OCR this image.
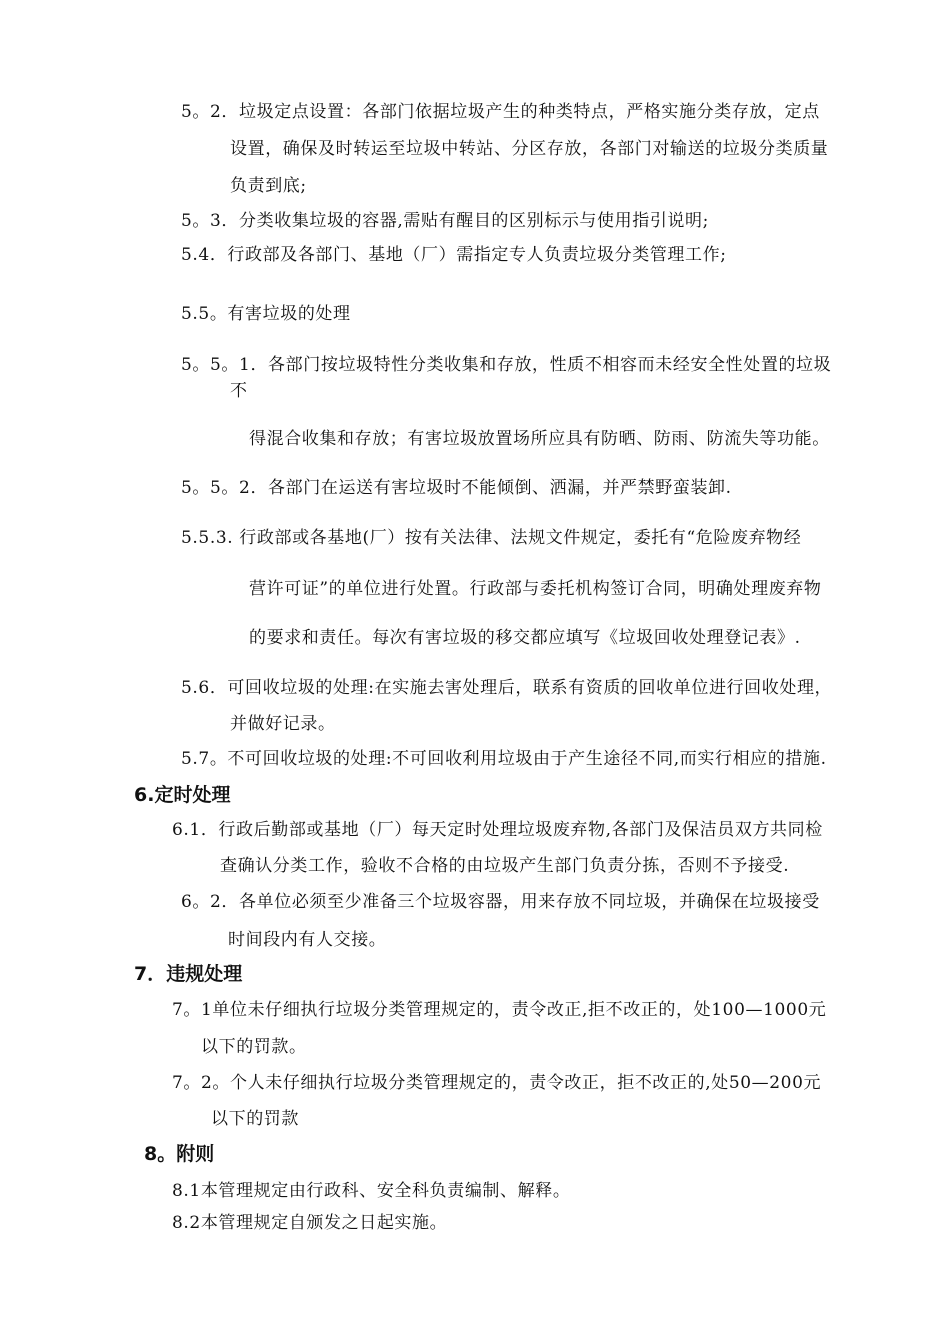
5。2．垃圾定点设置：各部门依据垃圾产生的种类特点，严格实施分类存放，定点
设置，确保及时转运至垃圾中转站、分区存放，各部门对输送的垃圾分类质量
负责到底;
5。3．分类收集垃圾的容器,需贴有醒目的区别标示与使用指引说明;
5.4．行政部及各部门、基地（厂）需指定专人负责垃圾分类管理工作;
5.5。有害垃圾的处理
5。5。1．各部门按垃圾特性分类收集和存放，性质不相容而未经安全性处置的垃圾
不
得混合收集和存放；有害垃圾放置场所应具有防晒、防雨、防流失等功能。
5。5。2．各部门在运送有害垃圾时不能倾倒、洒漏，并严禁野蛮装卸.
5.5.3. 行政部或各基地(厂）按有关法律、法规文件规定，委托有“危险废弃物经
营许可证”的单位进行处置。行政部与委托机构签订合同，明确处理废弃物
的要求和责任。每次有害垃圾的移交都应填写《垃圾回收处理登记表》.
5.6．可回收垃圾的处理:在实施去害处理后，联系有资质的回收单位进行回收处理，
并做好记录。
5.7。不可回收垃圾的处理:不可回收利用垃圾由于产生途径不同,而实行相应的措施.
6.定时处理
6.1．行政后勤部或基地（厂）每天定时处理垃圾废弃物,各部门及保洁员双方共同检
查确认分类工作，验收不合格的由垃圾产生部门负责分拣，否则不予接受.
6。2．各单位必须至少准备三个垃圾容器，用来存放不同垃圾，并确保在垃圾接受
时间段内有人交接。
7．违规处理
7。1单位未仔细执行垃圾分类管理规定的，责令改正,拒不改正的，处100—1000元
以下的罚款。
7。2。个人未仔细执行垃圾分类管理规定的，责令改正，拒不改正的,处50—200元
以下的罚款
8。附则
8.1本管理规定由行政科、安全科负责编制、解释。
8.2本管理规定自颁发之日起实施。
